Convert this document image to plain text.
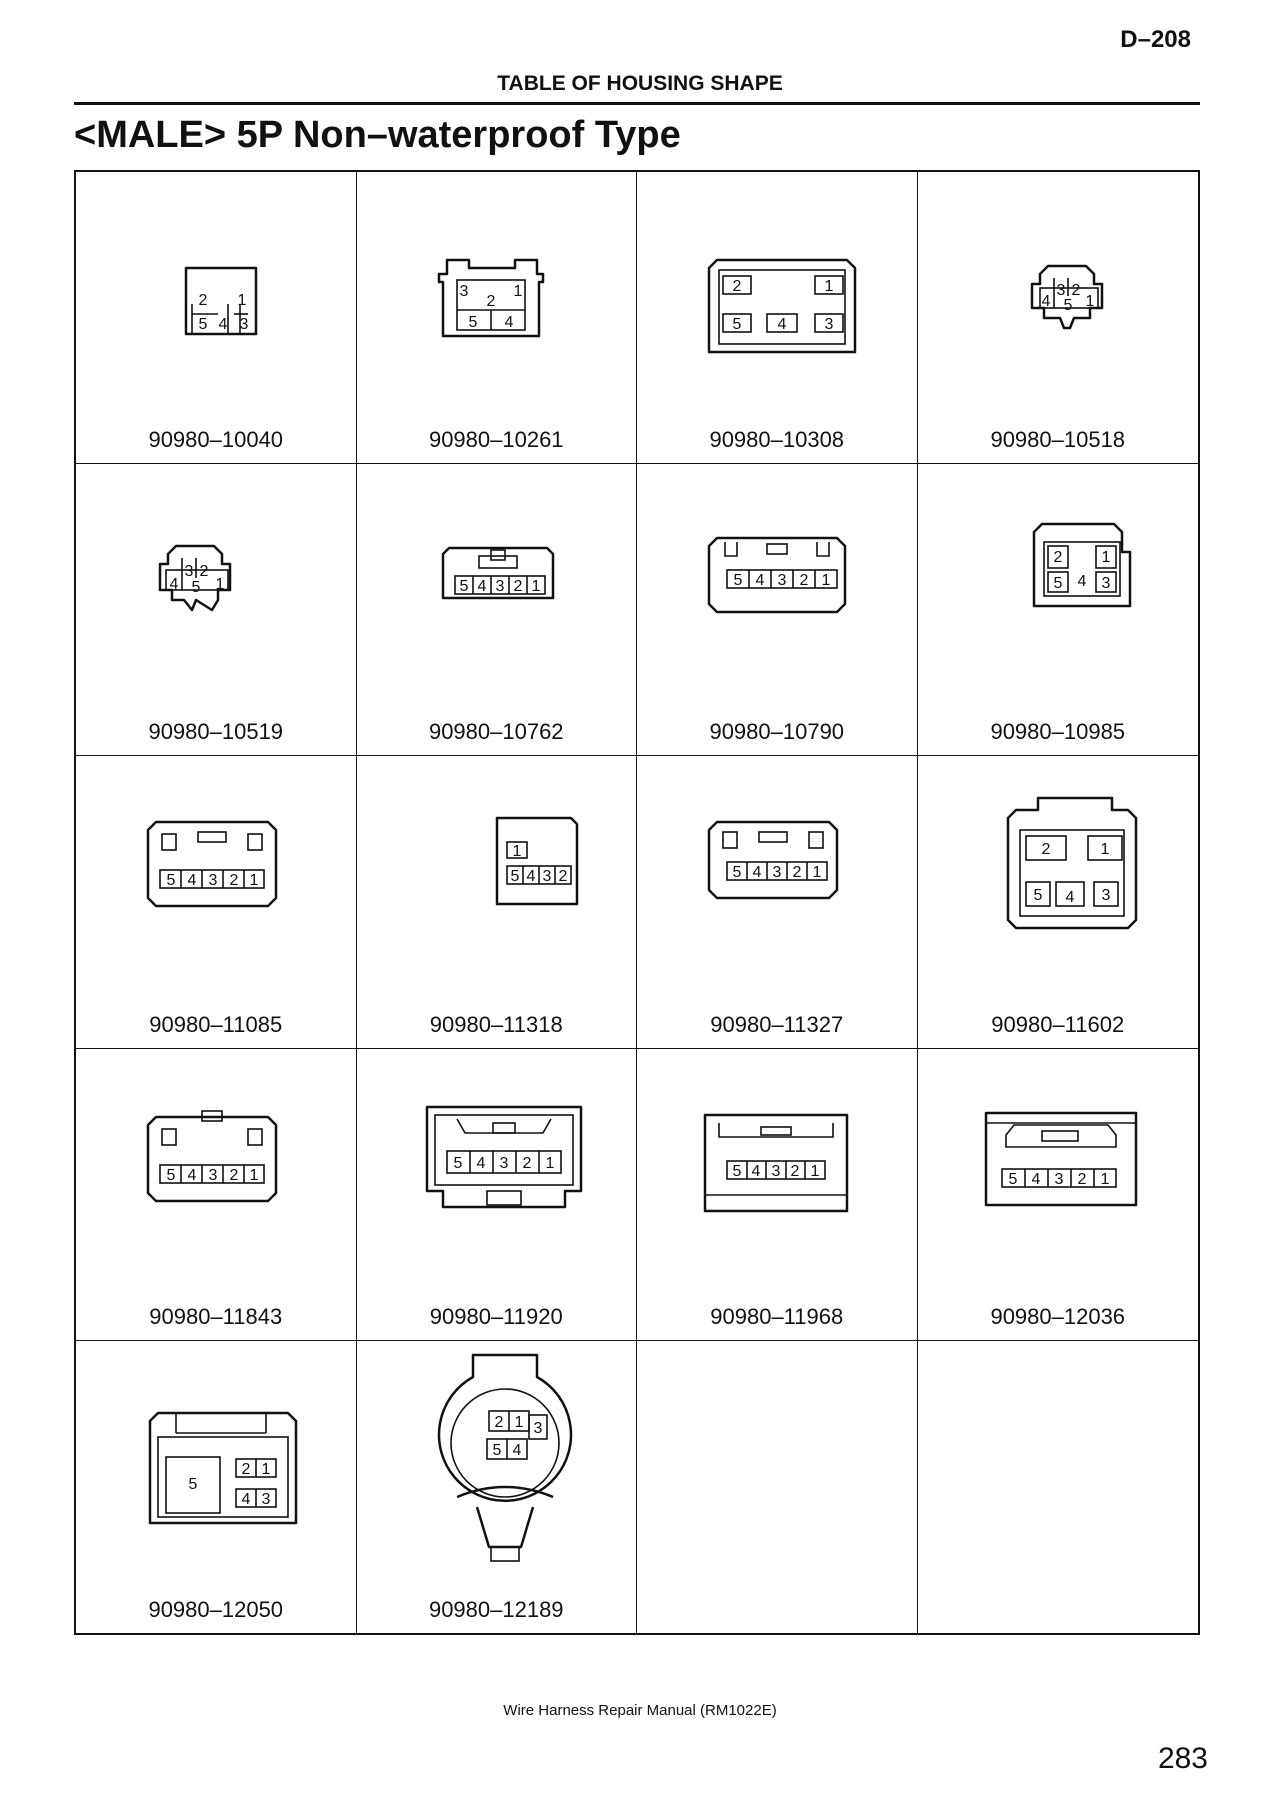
D–208
TABLE OF HOUSING SHAPE
<MALE> 5P Non–waterproof Type
2 1
5 4 3
90980–10040
3
2
1
5 4
90980–10261
2	1
5 4 3
90980–10308
3 2
4 5 1
90980–10518
3 2
4 5 1
90980–10519
5 4 3 2 1
90980–10762
5 4 3 2 1
90980–10790
2 1
5 4 3
90980–10985
5 4 3 2 1
90980–11085
1
5 4 3 2
90980–11318
5 4 3 2 1
90980–11327
2	1
5 4 3
90980–11602
5 4 3 2 1
90980–11843
5 4 3 2 1
90980–11920
5 4 3 2 1
90980–11968
5 4 3 2 1
90980–12036
2 1
5
4 3
90980–12050
2 1 3
5 4
90980–12189
Wire Harness Repair Manual (RM1022E)
283
